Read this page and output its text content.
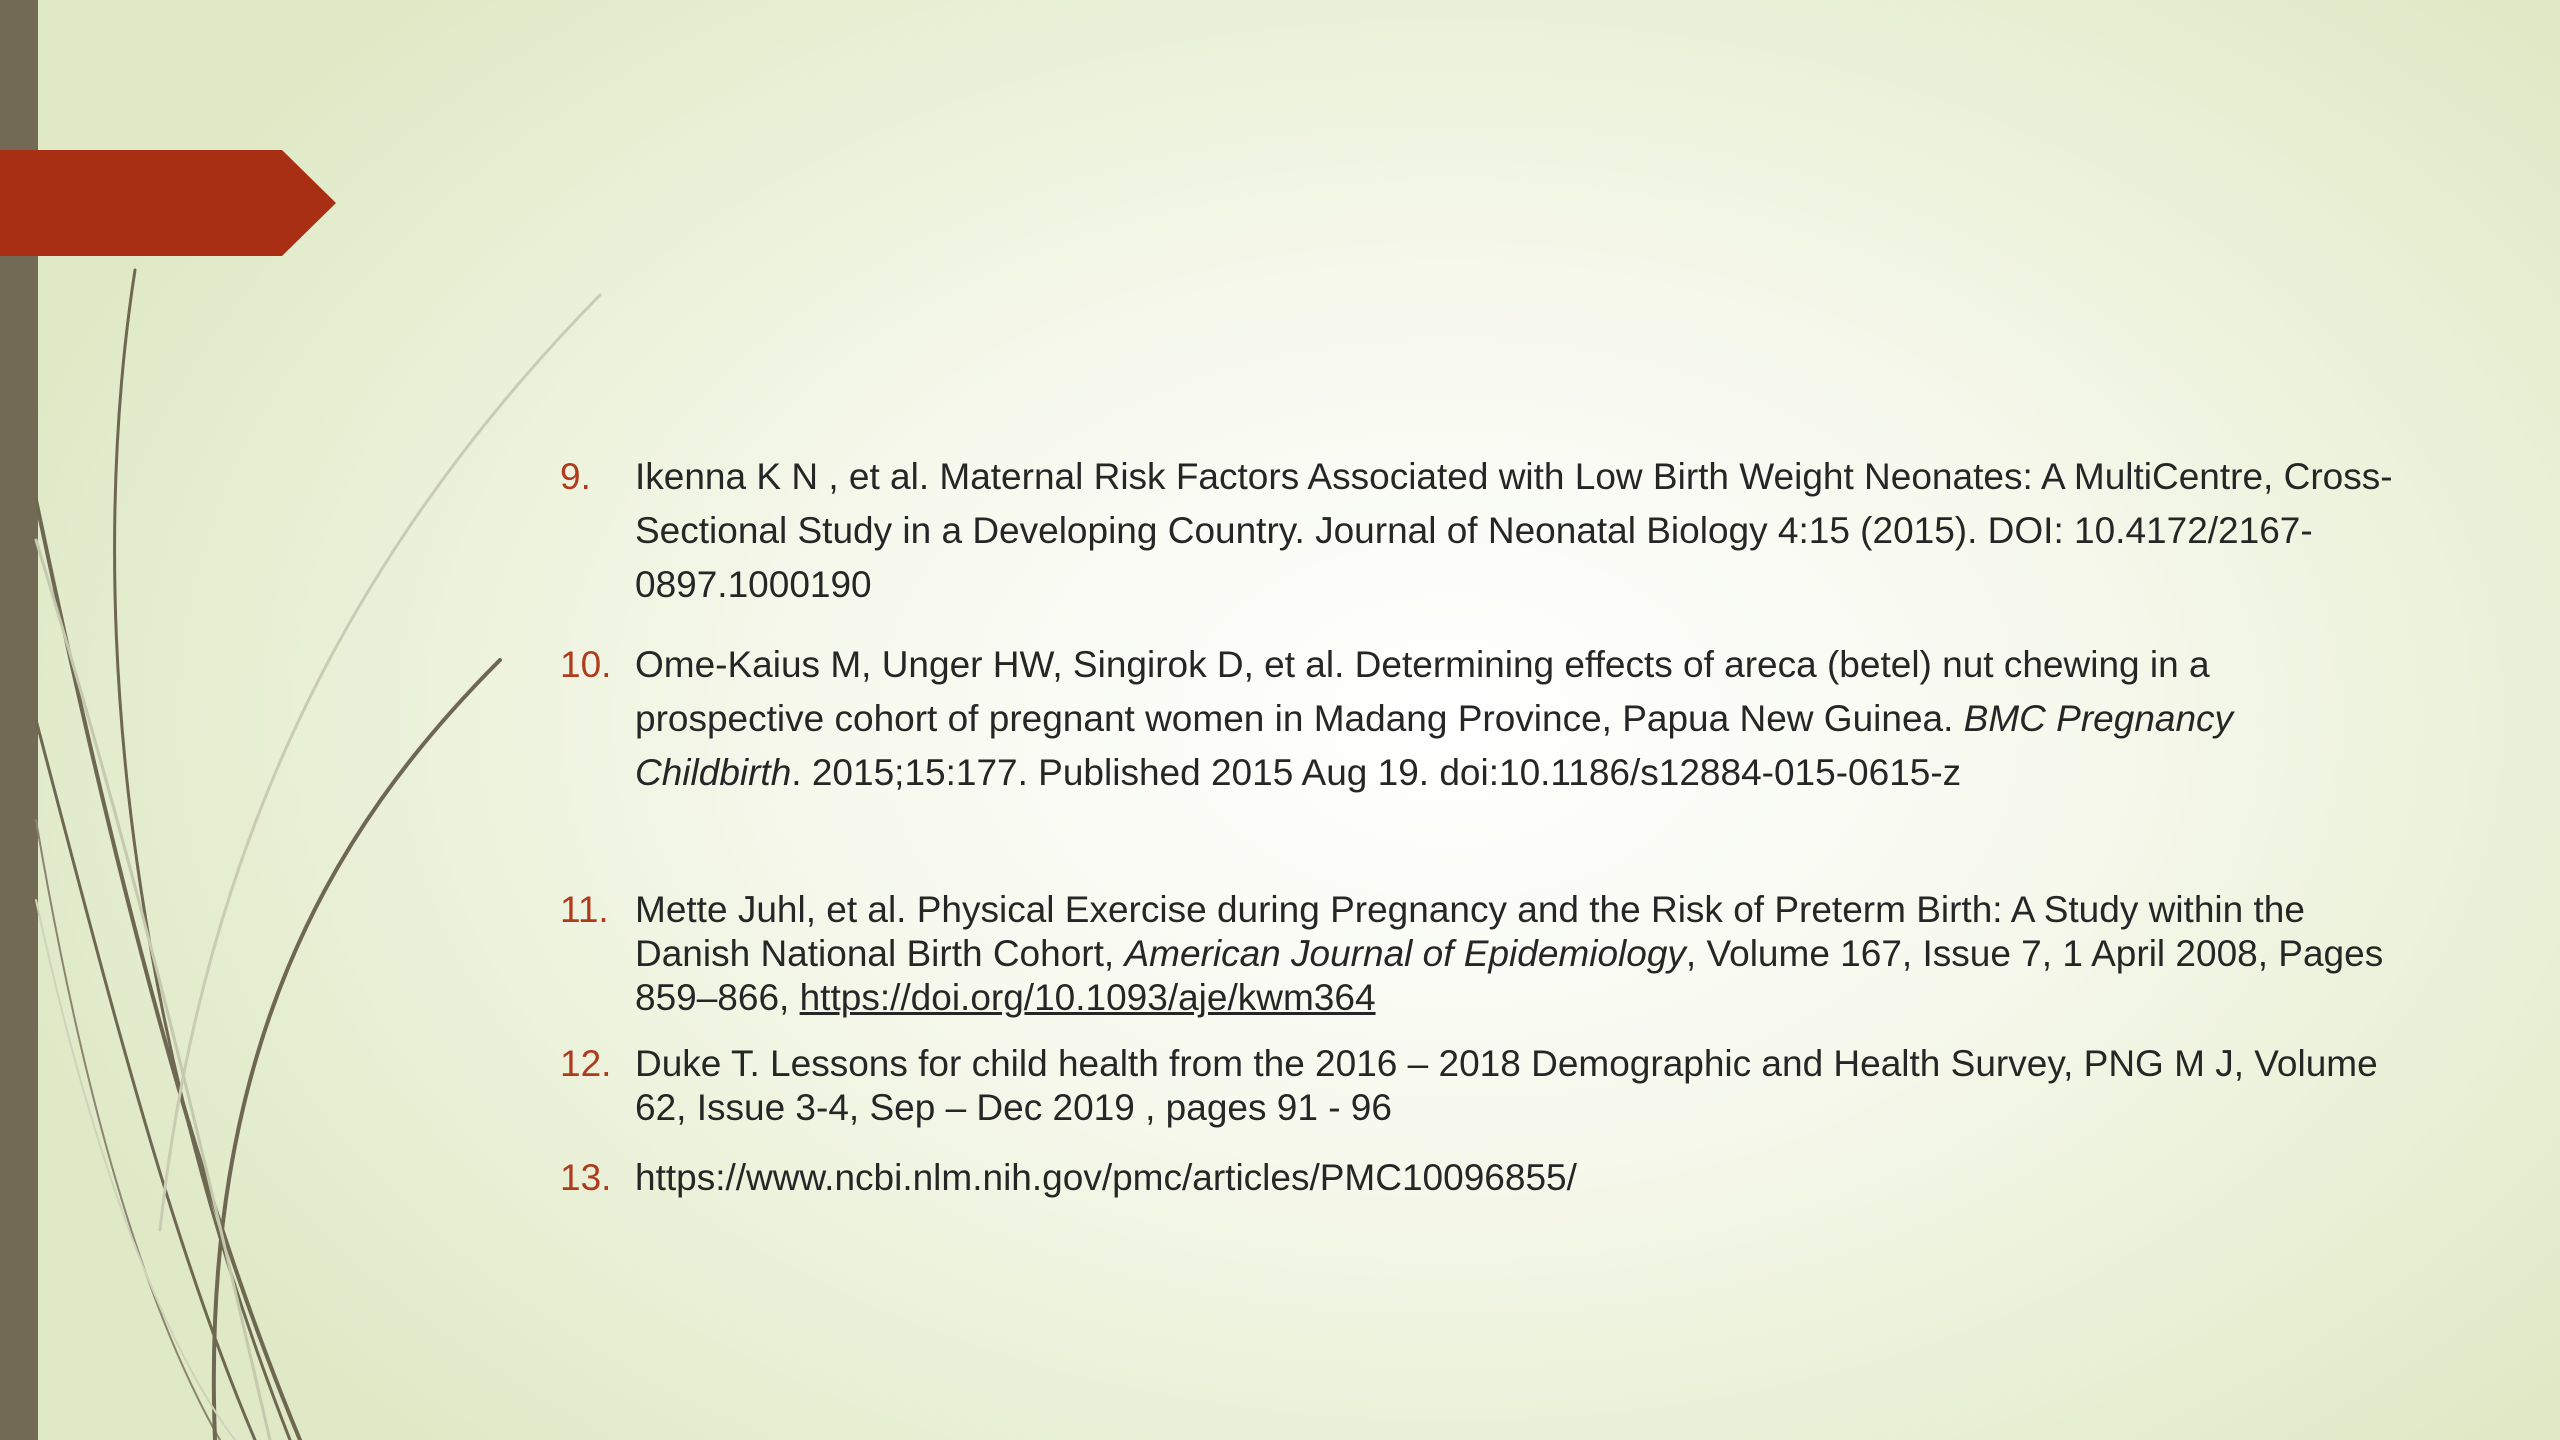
9.	Ikenna K N , et al. Maternal Risk Factors Associated with Low Birth Weight Neonates: A MultiCentre, Cross-Sectional Study in a Developing Country. Journal of Neonatal Biology 4:15 (2015). DOI: 10.4172/2167-0897.1000190
10. Ome-Kaius M, Unger HW, Singirok D, et al. Determining effects of areca (betel) nut chewing in a prospective cohort of pregnant women in Madang Province, Papua New Guinea. BMC Pregnancy Childbirth. 2015;15:177. Published 2015 Aug 19. doi:10.1186/s12884-015-0615-z
11. Mette Juhl, et al. Physical Exercise during Pregnancy and the Risk of Preterm Birth: A Study within the Danish National Birth Cohort, American Journal of Epidemiology, Volume 167, Issue 7, 1 April 2008, Pages 859–866, https://doi.org/10.1093/aje/kwm364
12. Duke T. Lessons for child health from the 2016 – 2018 Demographic and Health Survey, PNG M J, Volume 62, Issue 3-4, Sep – Dec 2019 , pages 91 - 96
13. https://www.ncbi.nlm.nih.gov/pmc/articles/PMC10096855/
